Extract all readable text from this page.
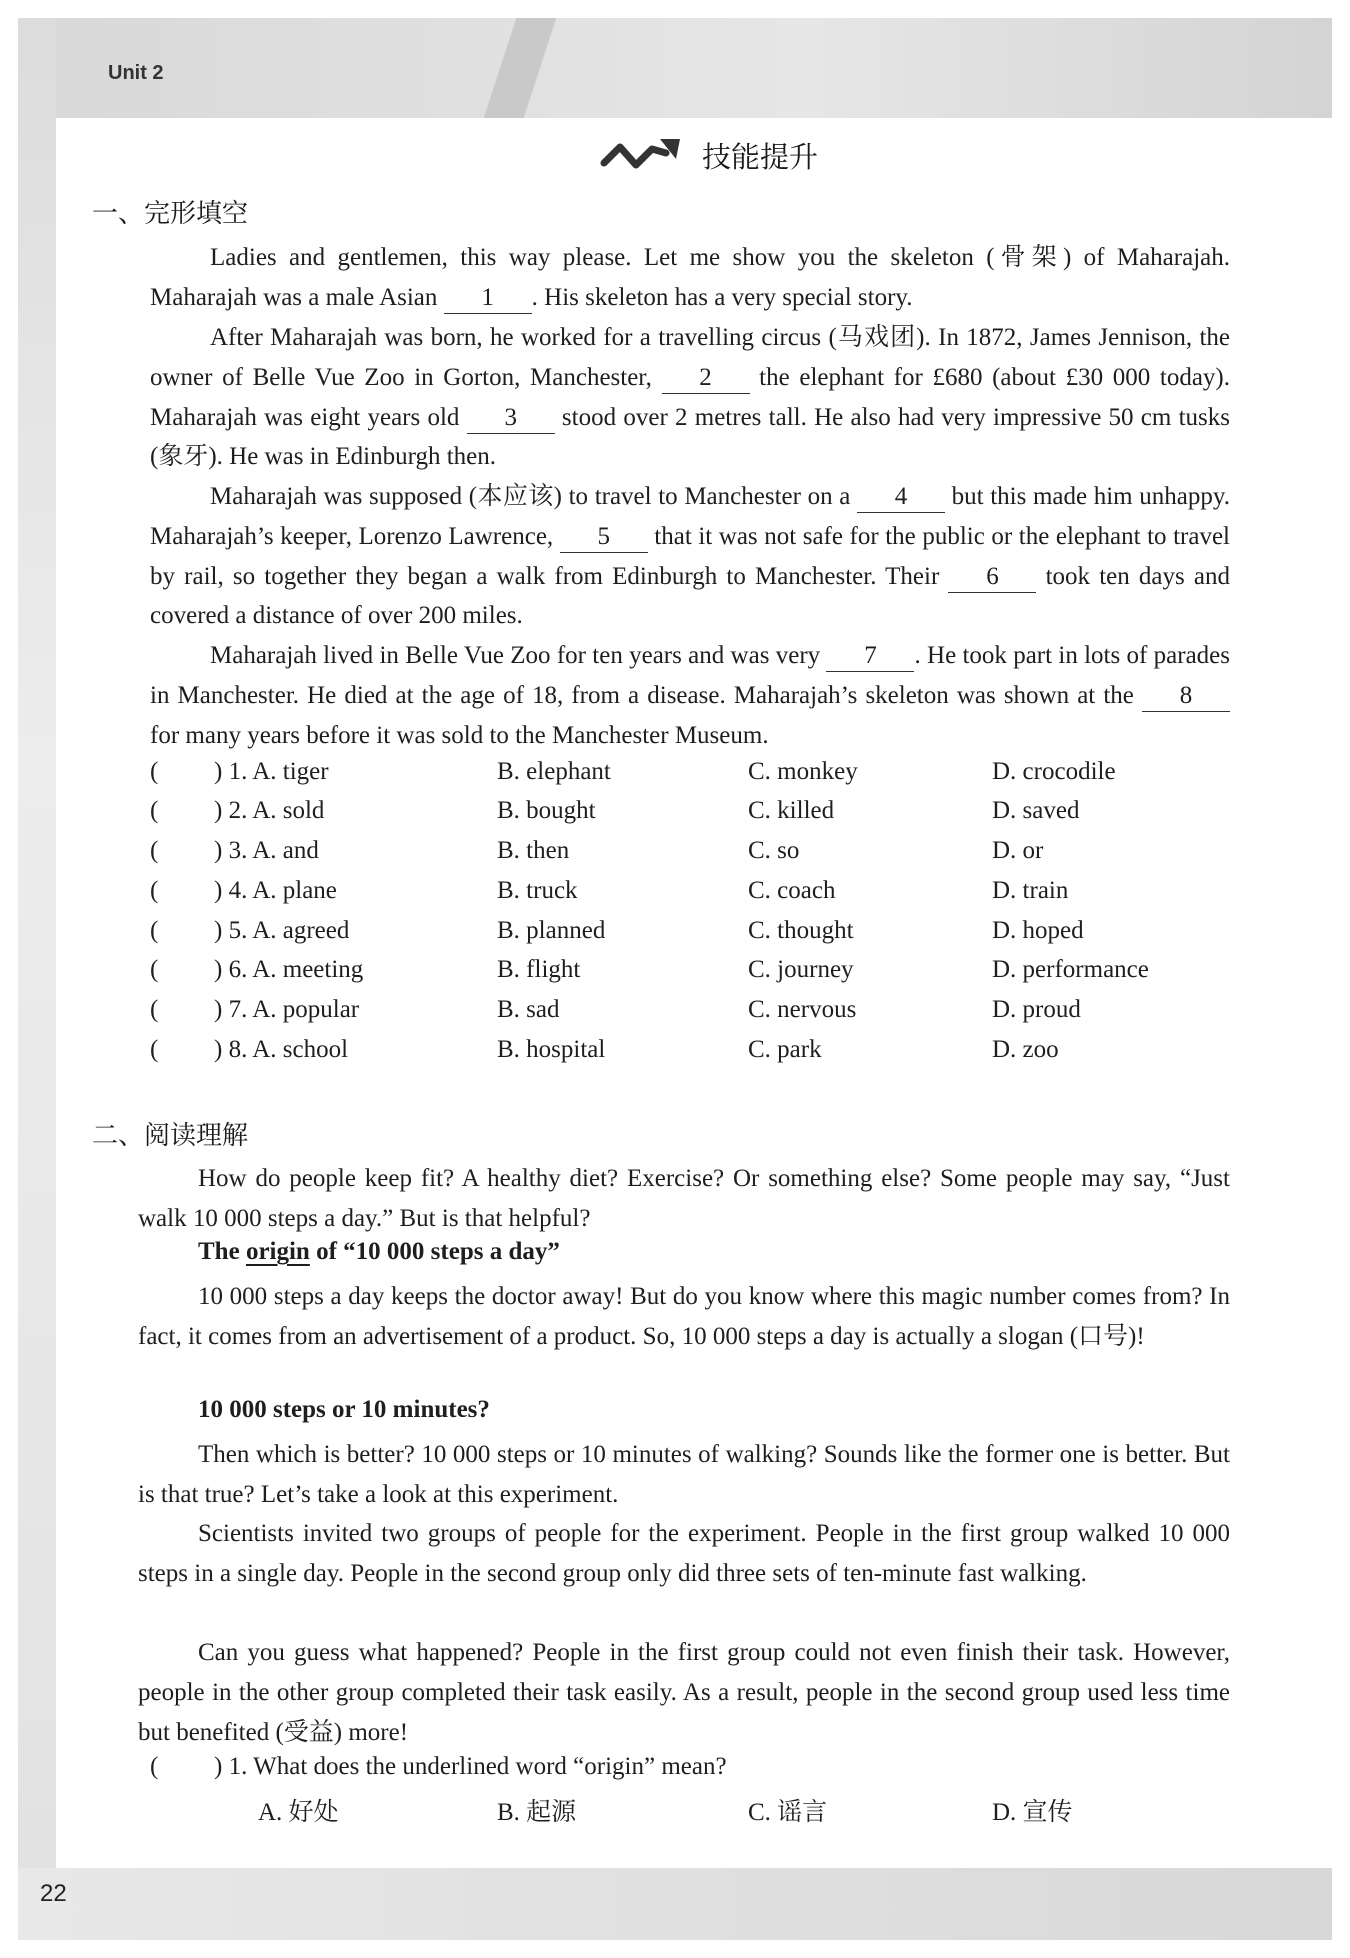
Unit 2
技能提升
一、完形填空

Ladies and gentlemen, this way please. Let me show you the skeleton (骨架) of Maharajah. Maharajah was a male Asian 1 . His skeleton has a very special story.

After Maharajah was born, he worked for a travelling circus (马戏团). In 1872, James Jennison, the owner of Belle Vue Zoo in Gorton, Manchester, 2 the elephant for £680 (about £30 000 today). Maharajah was eight years old 3 stood over 2 metres tall. He also had very impressive 50 cm tusks (象牙). He was in Edinburgh then.

Maharajah was supposed (本应该) to travel to Manchester on a 4 but this made him unhappy. Maharajah’s keeper, Lorenzo Lawrence, 5 that it was not safe for the public or the elephant to travel by rail, so together they began a walk from Edinburgh to Manchester. Their 6 took ten days and covered a distance of over 200 miles.

Maharajah lived in Belle Vue Zoo for ten years and was very 7 . He took part in lots of parades in Manchester. He died at the age of 18, from a disease. Maharajah’s skeleton was shown at the 8 for many years before it was sold to the Manchester Museum.

( ) 1. A. tiger	B. elephant	C. monkey	D. crocodile
( ) 2. A. sold	B. bought	C. killed	D. saved
( ) 3. A. and	B. then	C. so	D. or
( ) 4. A. plane	B. truck	C. coach	D. train
( ) 5. A. agreed	B. planned	C. thought	D. hoped
( ) 6. A. meeting	B. flight	C. journey	D. performance
( ) 7. A. popular	B. sad	C. nervous	D. proud
( ) 8. A. school	B. hospital	C. park	D. zoo
二、阅读理解

How do people keep fit? A healthy diet? Exercise? Or something else? Some people may say, “Just walk 10 000 steps a day.” But is that helpful?

The origin of “10 000 steps a day”

10 000 steps a day keeps the doctor away! But do you know where this magic number comes from? In fact, it comes from an advertisement of a product. So, 10 000 steps a day is actually a slogan (口号)!

10 000 steps or 10 minutes?

Then which is better? 10 000 steps or 10 minutes of walking? Sounds like the former one is better. But is that true? Let’s take a look at this experiment.

Scientists invited two groups of people for the experiment. People in the first group walked 10 000 steps in a single day. People in the second group only did three sets of ten-minute fast walking.

Can you guess what happened? People in the first group could not even finish their task. However, people in the other group completed their task easily. As a result, people in the second group used less time but benefited (受益) more!

( ) 1. What does the underlined word “origin” mean?
A. 好处	B. 起源	C. 谣言	D. 宣传
22
